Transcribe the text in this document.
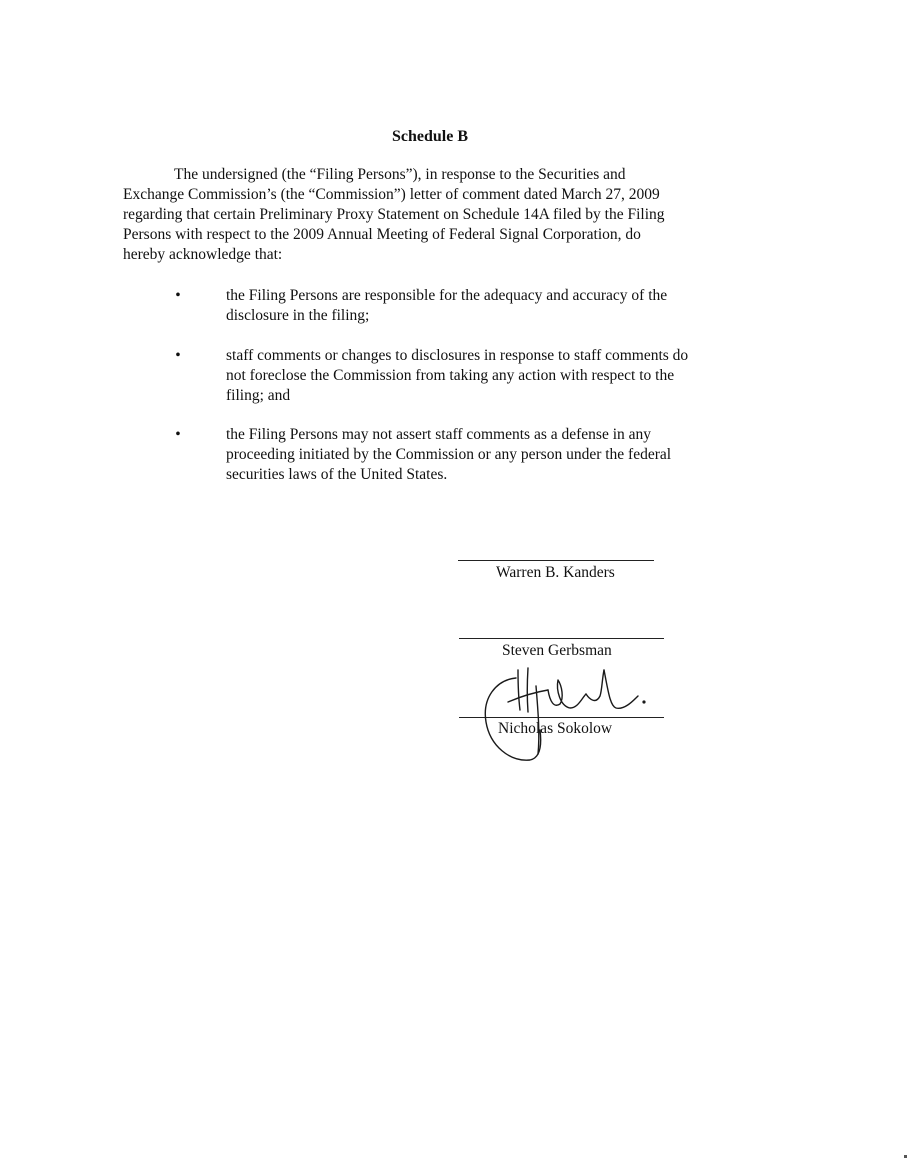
Schedule B
The undersigned (the “Filing Persons”), in response to the Securities and
Exchange Commission’s (the “Commission”) letter of comment dated March 27, 2009
regarding that certain Preliminary Proxy Statement on Schedule 14A filed by the Filing
Persons with respect to the 2009 Annual Meeting of Federal Signal Corporation, do
hereby acknowledge that:
•	the Filing Persons are responsible for the adequacy and accuracy of the
disclosure in the filing;
•	staff comments or changes to disclosures in response to staff comments do
not foreclose the Commission from taking any action with respect to the
filing; and
•	the Filing Persons may not assert staff comments as a defense in any
proceeding initiated by the Commission or any person under the federal
securities laws of the United States.
Warren B. Kanders
Steven Gerbsman
Nicholas Sokolow
